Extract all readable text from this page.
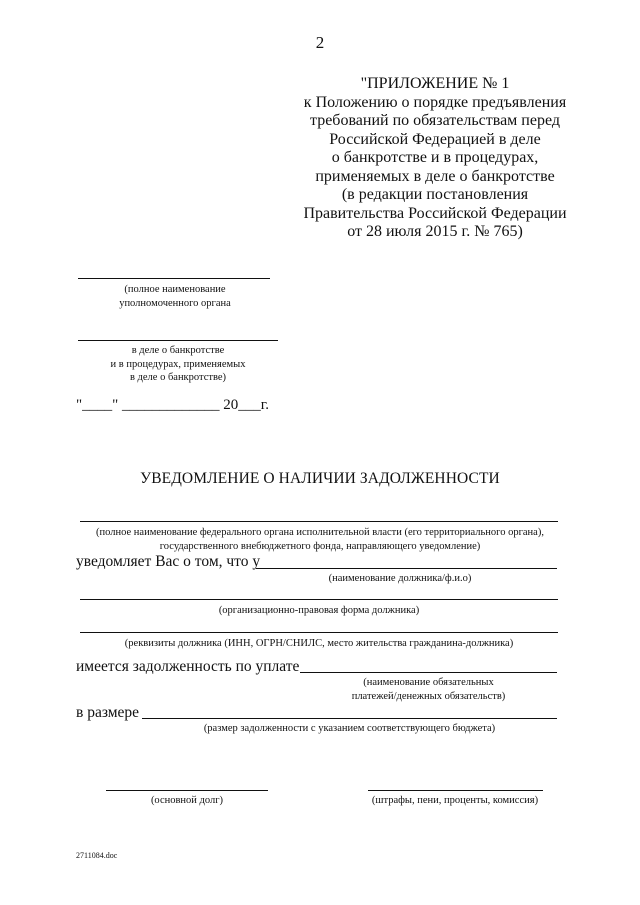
2
"ПРИЛОЖЕНИЕ № 1
к Положению о порядке предъявления
требований по обязательствам перед
Российской Федерацией в деле
о банкротстве и в процедурах,
применяемых в деле о банкротстве
(в редакции постановления
Правительства Российской Федерации
от 28 июля 2015 г. № 765)
(полное наименование
уполномоченного органа
в деле о банкротстве
и в процедурах, применяемых
в деле о банкротстве)
"____" _____________ 20___г.
УВЕДОМЛЕНИЕ О НАЛИЧИИ ЗАДОЛЖЕННОСТИ
(полное наименование федерального органа исполнительной власти (его территориального органа),
государственного внебюджетного фонда, направляющего уведомление)
уведомляет Вас о том, что у
(наименование должника/ф.и.о)
(организационно-правовая форма должника)
(реквизиты должника (ИНН, ОГРН/СНИЛС, место жительства гражданина-должника)
имеется задолженность по уплате
(наименование обязательных
платежей/денежных обязательств)
в размере
(размер задолженности с указанием соответствующего бюджета)
(основной долг)	(штрафы, пени, проценты, комиссия)
2711084.doc
